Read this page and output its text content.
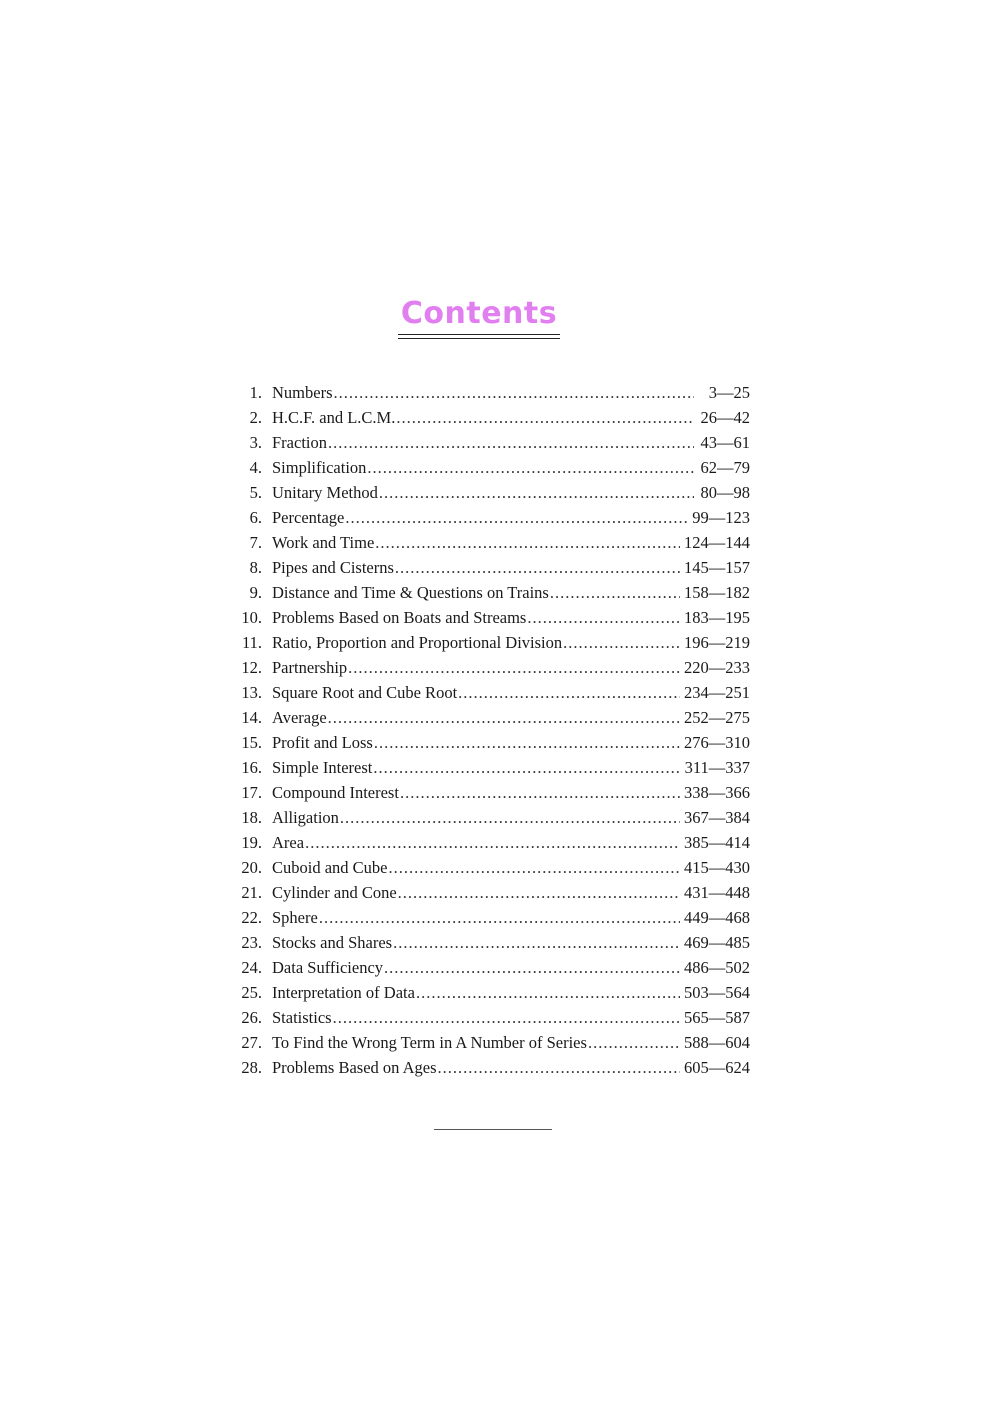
Contents
1. Numbers .....	3—25
2. H.C.F. and L.C.M. .....	26—42
3. Fraction .....	43—61
4. Simplification .....	62—79
5. Unitary Method .....	80—98
6. Percentage .....	99—123
7. Work and Time .....	124—144
8. Pipes and Cisterns .....	145—157
9. Distance and Time & Questions on Trains .....	158—182
10. Problems Based on Boats and Streams .....	183—195
11. Ratio, Proportion and Proportional Division .....	196—219
12. Partnership .....	220—233
13. Square Root and Cube Root .....	234—251
14. Average .....	252—275
15. Profit and Loss .....	276—310
16. Simple Interest .....	311—337
17. Compound Interest .....	338—366
18. Alligation .....	367—384
19. Area .....	385—414
20. Cuboid and Cube .....	415—430
21. Cylinder and Cone .....	431—448
22. Sphere .....	449—468
23. Stocks and Shares .....	469—485
24. Data Sufficiency .....	486—502
25. Interpretation of Data .....	503—564
26. Statistics .....	565—587
27. To Find the Wrong Term in A Number of Series .....	588—604
28. Problems Based on Ages .....	605—624
